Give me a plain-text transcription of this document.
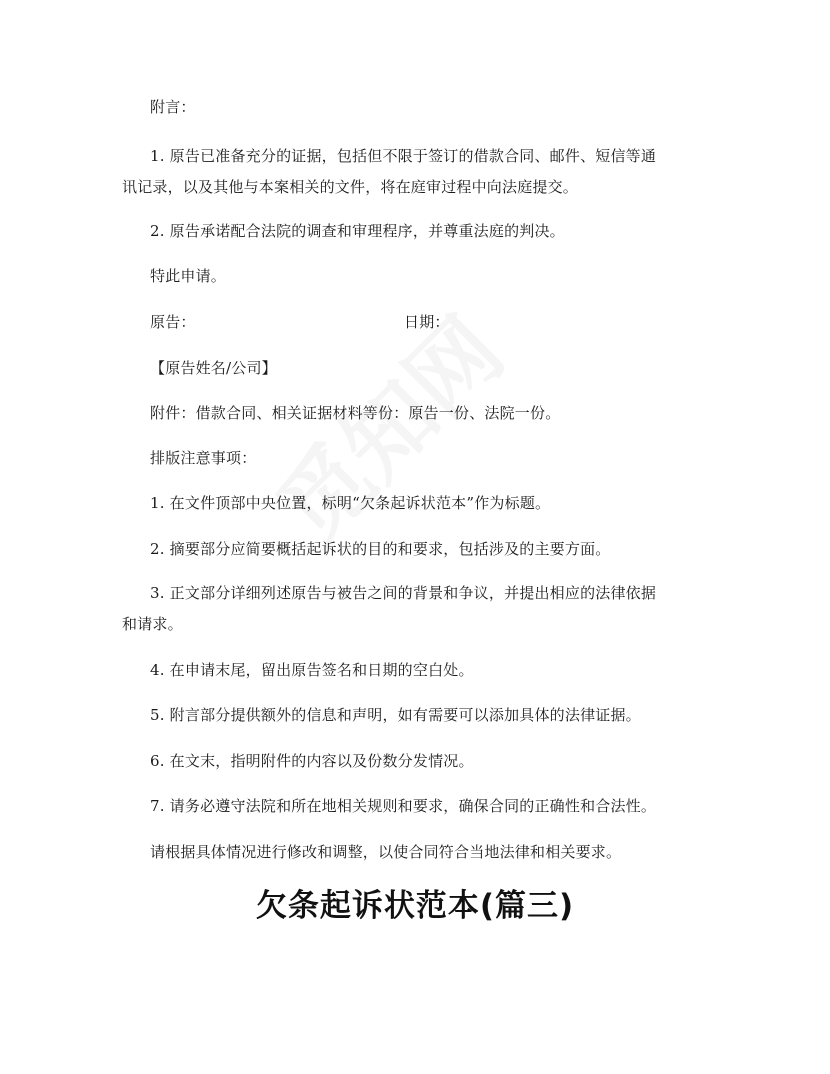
附言：
1. 原告已准备充分的证据，包括但不限于签订的借款合同、邮件、短信等通
讯记录，以及其他与本案相关的文件，将在庭审过程中向法庭提交。
2. 原告承诺配合法院的调查和审理程序，并尊重法庭的判决。
特此申请。
原告：	日期：
【原告姓名/公司】
附件：借款合同、相关证据材料等份：原告一份、法院一份。
排版注意事项：
1. 在文件顶部中央位置，标明“欠条起诉状范本”作为标题。
2. 摘要部分应简要概括起诉状的目的和要求，包括涉及的主要方面。
3. 正文部分详细列述原告与被告之间的背景和争议，并提出相应的法律依据
和请求。
4. 在申请末尾，留出原告签名和日期的空白处。
5. 附言部分提供额外的信息和声明，如有需要可以添加具体的法律证据。
6. 在文末，指明附件的内容以及份数分发情况。
7. 请务必遵守法院和所在地相关规则和要求，确保合同的正确性和合法性。
请根据具体情况进行修改和调整，以使合同符合当地法律和相关要求。
欠条起诉状范本(篇三)
